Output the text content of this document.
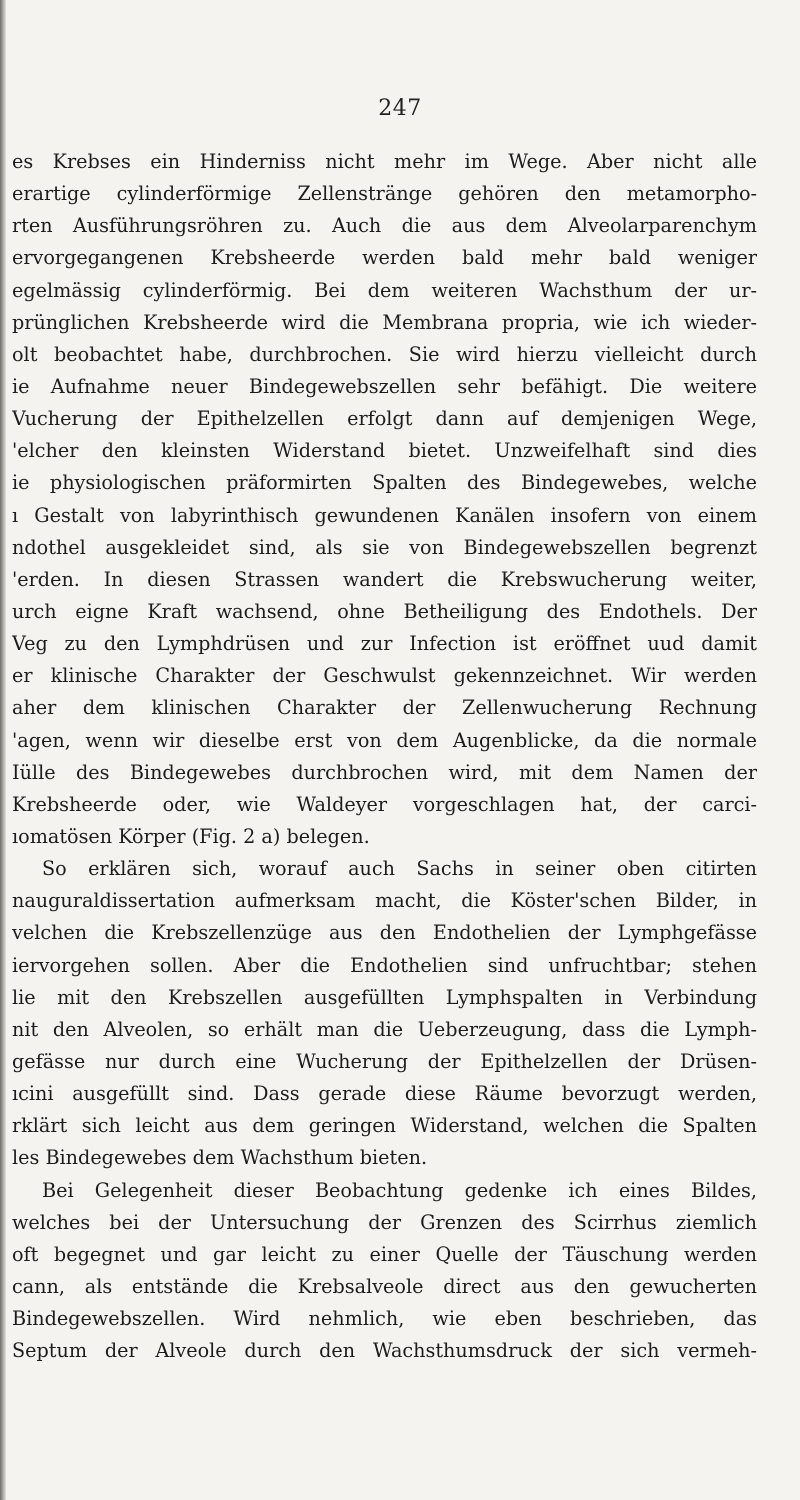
247
es Krebses ein Hinderniss nicht mehr im Wege. Aber nicht alle
erartige cylinderförmige Zellenstränge gehören den metamorpho-
rten Ausführungsröhren zu. Auch die aus dem Alveolarparenchym
ervorgegangenen Krebsheerde werden bald mehr bald weniger
egelmässig cylinderförmig. Bei dem weiteren Wachsthum der ur-
prünglichen Krebsheerde wird die Membrana propria, wie ich wieder-
olt beobachtet habe, durchbrochen. Sie wird hierzu vielleicht durch
ie Aufnahme neuer Bindegewebszellen sehr befähigt. Die weitere
Vucherung der Epithelzellen erfolgt dann auf demjenigen Wege,
'elcher den kleinsten Widerstand bietet. Unzweifelhaft sind dies
ie physiologischen präformirten Spalten des Bindegewebes, welche
ı Gestalt von labyrinthisch gewundenen Kanälen insofern von einem
ndothel ausgekleidet sind, als sie von Bindegewebszellen begrenzt
'erden. In diesen Strassen wandert die Krebswucherung weiter,
urch eigne Kraft wachsend, ohne Betheiligung des Endothels. Der
Veg zu den Lymphdrüsen und zur Infection ist eröffnet uud damit
er klinische Charakter der Geschwulst gekennzeichnet. Wir werden
aher dem klinischen Charakter der Zellenwucherung Rechnung
'agen, wenn wir dieselbe erst von dem Augenblicke, da die normale
Iülle des Bindegewebes durchbrochen wird, mit dem Namen der
Krebsheerde oder, wie Waldeyer vorgeschlagen hat, der carci-
ıomatösen Körper (Fig. 2 a) belegen.
So erklären sich, worauf auch Sachs in seiner oben citirten
nauguraldissertation aufmerksam macht, die Köster'schen Bilder, in
velchen die Krebszellenzüge aus den Endothelien der Lymphgefässe
iervorgehen sollen. Aber die Endothelien sind unfruchtbar; stehen
lie mit den Krebszellen ausgefüllten Lymphspalten in Verbindung
nit den Alveolen, so erhält man die Ueberzeugung, dass die Lymph-
gefässe nur durch eine Wucherung der Epithelzellen der Drüsen-
ıcini ausgefüllt sind. Dass gerade diese Räume bevorzugt werden,
rklärt sich leicht aus dem geringen Widerstand, welchen die Spalten
les Bindegewebes dem Wachsthum bieten.
Bei Gelegenheit dieser Beobachtung gedenke ich eines Bildes,
welches bei der Untersuchung der Grenzen des Scirrhus ziemlich
oft begegnet und gar leicht zu einer Quelle der Täuschung werden
cann, als entstände die Krebsalveole direct aus den gewucherten
Bindegewebszellen. Wird nehmlich, wie eben beschrieben, das
Septum der Alveole durch den Wachsthumsdruck der sich vermeh-
